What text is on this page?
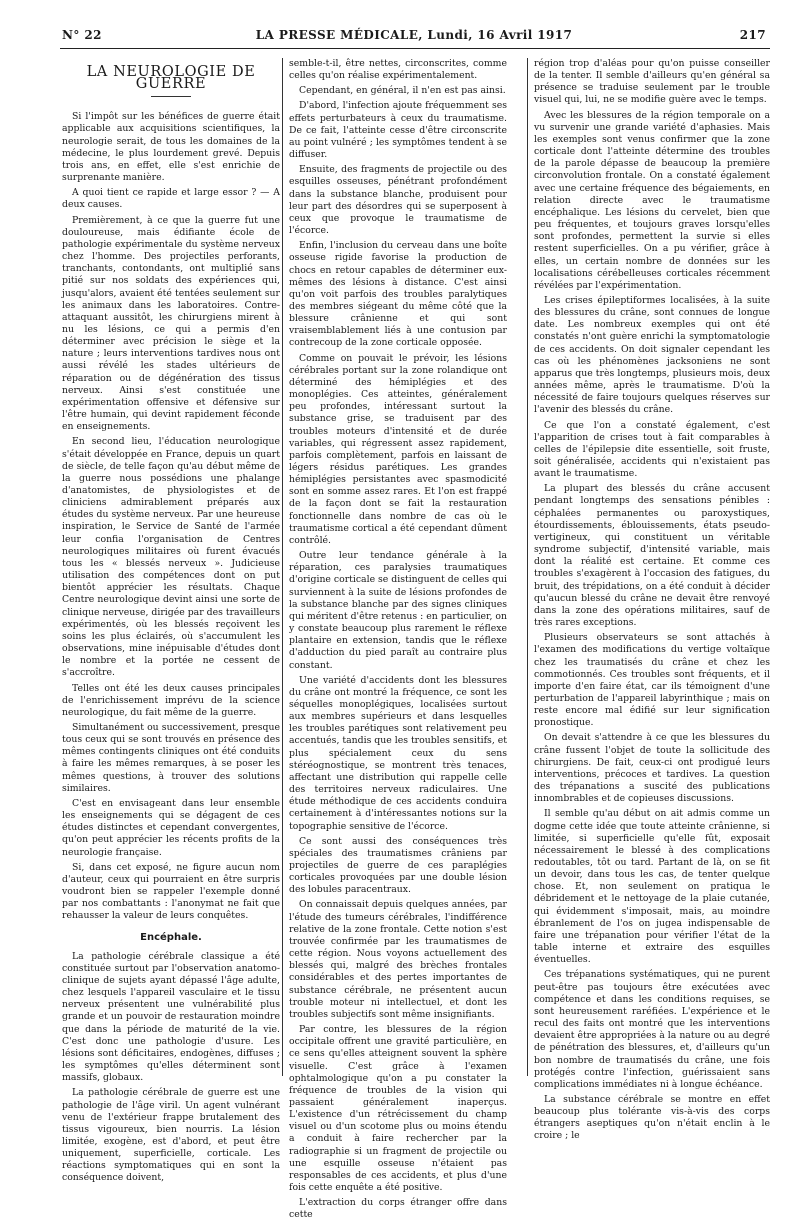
N° 22	LA PRESSE MÉDICALE, Lundi, 16 Avril 1917	217
LA NEUROLOGIE DE GUERRE

Si l'impôt sur les bénéfices de guerre était applicable aux acquisitions scientifiques, la neurologie serait, de tous les domaines de la médecine, le plus lourdement grevé. Depuis trois ans, en effet, elle s'est enrichie de surprenante manière.

A quoi tient ce rapide et large essor ? — A deux causes.

Premièrement, à ce que la guerre fut une douloureuse, mais édifiante école de pathologie expérimentale du système nerveux chez l'homme. Des projectiles perforants, tranchants, contondants, ont multiplié sans pitié sur nos soldats des expériences qui, jusqu'alors, avaient été tentées seulement sur les animaux dans les laboratoires. Contre-attaquant aussitôt, les chirurgiens mirent à nu les lésions, ce qui a permis d'en déterminer avec précision le siège et la nature ; leurs interventions tardives nous ont aussi révélé les stades ultérieurs de réparation ou de dégénération des tissus nerveux. Ainsi s'est constituée une expérimentation offensive et défensive sur l'être humain, qui devint rapidement féconde en enseignements.

En second lieu, l'éducation neurologique s'était développée en France, depuis un quart de siècle, de telle façon qu'au début même de la guerre nous possédions une phalange d'anatomistes, de physiologistes et de cliniciens admirablement préparés aux études du système nerveux. Par une heureuse inspiration, le Service de Santé de l'armée leur confia l'organisation de Centres neurologiques militaires où furent évacués tous les « blessés nerveux ». Judicieuse utilisation des compétences dont on put bientôt apprécier les résultats. Chaque Centre neurologique devint ainsi une sorte de clinique nerveuse, dirigée par des travailleurs expérimentés, où les blessés reçoivent les soins les plus éclairés, où s'accumulent les observations, mine inépuisable d'études dont le nombre et la portée ne cessent de s'accroître.

Telles ont été les deux causes principales de l'enrichissement imprévu de la science neurologique, du fait même de la guerre.

Simultanément ou successivement, presque tous ceux qui se sont trouvés en présence des mêmes contingents cliniques ont été conduits à faire les mêmes remarques, à se poser les mêmes questions, à trouver des solutions similaires.

C'est en envisageant dans leur ensemble les enseignements qui se dégagent de ces études distinctes et cependant convergentes, qu'on peut apprécier les récents profits de la neurologie française.

Si, dans cet exposé, ne figure aucun nom d'auteur, ceux qui pourraient en être surpris voudront bien se rappeler l'exemple donné par nos combattants : l'anonymat ne fait que rehausser la valeur de leurs conquêtes.

Encéphale.

La pathologie cérébrale classique a été constituée surtout par l'observation anatomo-clinique de sujets ayant dépassé l'âge adulte, chez lesquels l'appareil vasculaire et le tissu nerveux présentent une vulnérabilité plus grande et un pouvoir de restauration moindre que dans la période de maturité de la vie. C'est donc une pathologie d'usure. Les lésions sont déficitaires, endogènes, diffuses ; les symptômes qu'elles déterminent sont massifs, globaux.

La pathologie cérébrale de guerre est une pathologie de l'âge viril. Un agent vulnérant venu de l'extérieur frappe brutalement des tissus vigoureux, bien nourris. La lésion limitée, exogène, est d'abord, et peut être uniquement, superficielle, corticale. Les réactions symptomatiques qui en sont la conséquence doivent,

semble-t-il, être nettes, circonscrites, comme celles qu'on réalise expérimentalement.

Cependant, en général, il n'en est pas ainsi.

D'abord, l'infection ajoute fréquemment ses effets perturbateurs à ceux du traumatisme. De ce fait, l'atteinte cesse d'être circonscrite au point vulnéré ; les symptômes tendent à se diffuser.

Ensuite, des fragments de projectile ou des esquilles osseuses, pénétrant profondément dans la substance blanche, produisent pour leur part des désordres qui se superposent à ceux que provoque le traumatisme de l'écorce.

Enfin, l'inclusion du cerveau dans une boîte osseuse rigide favorise la production de chocs en retour capables de déterminer eux-mêmes des lésions à distance. C'est ainsi qu'on voit parfois des troubles paralytiques des membres siégeant du même côté que la blessure crânienne et qui sont vraisemblablement liés à une contusion par contrecoup de la zone corticale opposée.

Comme on pouvait le prévoir, les lésions cérébrales portant sur la zone rolandique ont déterminé des hémiplégies et des monoplégies. Ces atteintes, généralement peu profondes, intéressant surtout la substance grise, se traduisent par des troubles moteurs d'intensité et de durée variables, qui régressent assez rapidement, parfois complètement, parfois en laissant de légers résidus parétiques. Les grandes hémiplégies persistantes avec spasmodicité sont en somme assez rares. Et l'on est frappé de la façon dont se fait la restauration fonctionnelle dans nombre de cas où le traumatisme cortical a été cependant dûment contrôlé.

Outre leur tendance générale à la réparation, ces paralysies traumatiques d'origine corticale se distinguent de celles qui surviennent à la suite de lésions profondes de la substance blanche par des signes cliniques qui méritent d'être retenus : en particulier, on y constate beaucoup plus rarement le réflexe plantaire en extension, tandis que le réflexe d'adduction du pied paraît au contraire plus constant.

Une variété d'accidents dont les blessures du crâne ont montré la fréquence, ce sont les séquelles monoplégiques, localisées surtout aux membres supérieurs et dans lesquelles les troubles parétiques sont relativement peu accentués, tandis que les troubles sensitifs, et plus spécialement ceux du sens stéréognostique, se montrent très tenaces, affectant une distribution qui rappelle celle des territoires nerveux radiculaires. Une étude méthodique de ces accidents conduira certainement à d'intéressantes notions sur la topographie sensitive de l'écorce.

Ce sont aussi des conséquences très spéciales des traumatismes crâniens par projectiles de guerre de ces paraplégies corticales provoquées par une double lésion des lobules paracentraux.

On connaissait depuis quelques années, par l'étude des tumeurs cérébrales, l'indifférence relative de la zone frontale. Cette notion s'est trouvée confirmée par les traumatismes de cette région. Nous voyons actuellement des blessés qui, malgré des brèches frontales considérables et des pertes importantes de substance cérébrale, ne présentent aucun trouble moteur ni intellectuel, et dont les troubles subjectifs sont même insignifiants.

Par contre, les blessures de la région occipitale offrent une gravité particulière, en ce sens qu'elles atteignent souvent la sphère visuelle. C'est grâce à l'examen ophtalmologique qu'on a pu constater la fréquence de troubles de la vision qui passaient généralement inaperçus. L'existence d'un rétrécissement du champ visuel ou d'un scotome plus ou moins étendu a conduit à faire rechercher par la radiographie si un fragment de projectile ou une esquille osseuse n'étaient pas responsables de ces accidents, et plus d'une fois cette enquête a été positive.

L'extraction du corps étranger offre dans cette

région trop d'aléas pour qu'on puisse conseiller de la tenter. Il semble d'ailleurs qu'en général sa présence se traduise seulement par le trouble visuel qui, lui, ne se modifie guère avec le temps.

Avec les blessures de la région temporale on a vu survenir une grande variété d'aphasies. Mais les exemples sont venus confirmer que la zone corticale dont l'atteinte détermine des troubles de la parole dépasse de beaucoup la première circonvolution frontale. On a constaté également avec une certaine fréquence des bégaiements, en relation directe avec le traumatisme encéphalique. Les lésions du cervelet, bien que peu fréquentes, et toujours graves lorsqu'elles sont profondes, permettent la survie si elles restent superficielles. On a pu vérifier, grâce à elles, un certain nombre de données sur les localisations cérébelleuses corticales récemment révélées par l'expérimentation.

Les crises épileptiformes localisées, à la suite des blessures du crâne, sont connues de longue date. Les nombreux exemples qui ont été constatés n'ont guère enrichi la symptomatologie de ces accidents. On doit signaler cependant les cas où les phénomènes jacksoniens ne sont apparus que très longtemps, plusieurs mois, deux années même, après le traumatisme. D'où la nécessité de faire toujours quelques réserves sur l'avenir des blessés du crâne.

Ce que l'on a constaté également, c'est l'apparition de crises tout à fait comparables à celles de l'épilepsie dite essentielle, soit fruste, soit généralisée, accidents qui n'existaient pas avant le traumatisme.

La plupart des blessés du crâne accusent pendant longtemps des sensations pénibles : céphalées permanentes ou paroxystiques, étourdissements, éblouissements, états pseudo-vertigineux, qui constituent un véritable syndrome subjectif, d'intensité variable, mais dont la réalité est certaine. Et comme ces troubles s'exagèrent à l'occasion des fatigues, du bruit, des trépidations, on a été conduit à décider qu'aucun blessé du crâne ne devait être renvoyé dans la zone des opérations militaires, sauf de très rares exceptions.

Plusieurs observateurs se sont attachés à l'examen des modifications du vertige voltaïque chez les traumatisés du crâne et chez les commotionnés. Ces troubles sont fréquents, et il importe d'en faire état, car ils témoignent d'une perturbation de l'appareil labyrinthique ; mais on reste encore mal édifié sur leur signification pronostique.

On devait s'attendre à ce que les blessures du crâne fussent l'objet de toute la sollicitude des chirurgiens. De fait, ceux-ci ont prodigué leurs interventions, précoces et tardives. La question des trépanations a suscité des publications innombrables et de copieuses discussions.

Il semble qu'au début on ait admis comme un dogme cette idée que toute atteinte crânienne, si limitée, si superficielle qu'elle fût, exposait nécessairement le blessé à des complications redoutables, tôt ou tard. Partant de là, on se fit un devoir, dans tous les cas, de tenter quelque chose. Et, non seulement on pratiqua le débridement et le nettoyage de la plaie cutanée, qui évidemment s'imposait, mais, au moindre ébranlement de l'os on jugea indispensable de faire une trépanation pour vérifier l'état de la table interne et extraire des esquilles éventuelles.

Ces trépanations systématiques, qui ne purent peut-être pas toujours être exécutées avec compétence et dans les conditions requises, se sont heureusement raréfiées. L'expérience et le recul des faits ont montré que les interventions devaient être appropriées à la nature ou au degré de pénétration des blessures, et, d'ailleurs qu'un bon nombre de traumatisés du crâne, une fois protégés contre l'infection, guérissaient sans complications immédiates ni à longue échéance.

La substance cérébrale se montre en effet beaucoup plus tolérante vis-à-vis des corps étrangers aseptiques qu'on n'était enclin à le croire ; le
